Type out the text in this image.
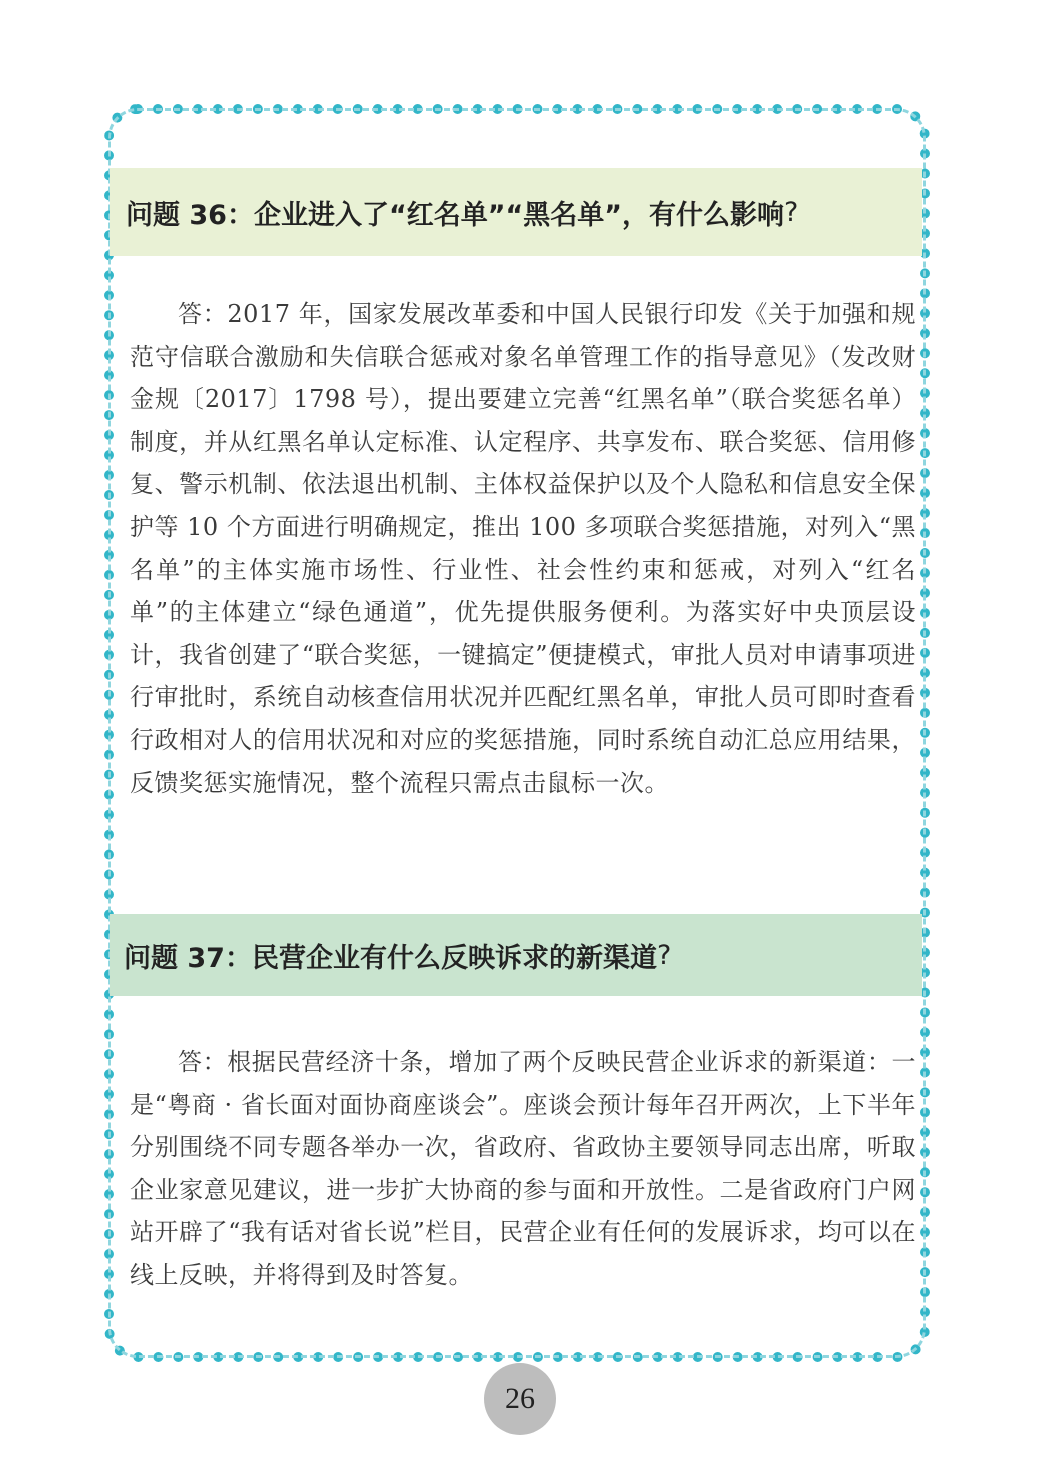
问题 36：企业进入了“红名单”“黑名单”，有什么影响 ?

答：2017 年，国家发展改革委和中国人民银行印发《关于加强和规范守信联合激励和失信联合惩戒对象名单管理工作的指导意见》（发改财金规〔2017〕1798 号），提出要建立完善“红黑名单”（联合奖惩名单）制度，并从红黑名单认定标准、认定程序、共享发布、联合奖惩、信用修复、警示机制、依法退出机制、主体权益保护以及个人隐私和信息安全保护等 10 个方面进行明确规定，推出 100 多项联合奖惩措施，对列入“黑名单”的主体实施市场性、行业性、社会性约束和惩戒，对列入“红名单”的主体建立“绿色通道”，优先提供服务便利。为落实好中央顶层设计，我省创建了“联合奖惩，一键搞定”便捷模式，审批人员对申请事项进行审批时，系统自动核查信用状况并匹配红黑名单，审批人员可即时查看行政相对人的信用状况和对应的奖惩措施，同时系统自动汇总应用结果，反馈奖惩实施情况，整个流程只需点击鼠标一次。

问题 37：民营企业有什么反映诉求的新渠道 ?

答：根据民营经济十条，增加了两个反映民营企业诉求的新渠道：一是“粤商 · 省长面对面协商座谈会”。座谈会预计每年召开两次，上下半年分别围绕不同专题各举办一次，省政府、省政协主要领导同志出席，听取企业家意见建议，进一步扩大协商的参与面和开放性。二是省政府门户网站开辟了“我有话对省长说”栏目，民营企业有任何的发展诉求，均可以在线上反映，并将得到及时答复。

26
